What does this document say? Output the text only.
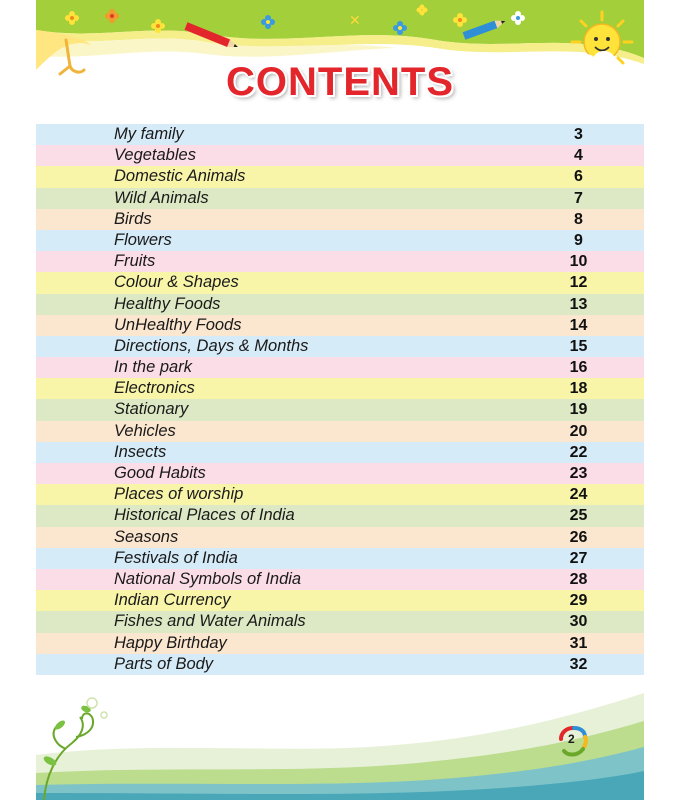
✕
CONTENTS
My family	3
Vegetables	4
Domestic Animals	6
Wild Animals	7
Birds	8
Flowers	9
Fruits	10
Colour & Shapes	12
Healthy Foods	13
UnHealthy Foods	14
Directions, Days & Months	15
In the park	16
Electronics	18
Stationary	19
Vehicles	20
Insects	22
Good Habits	23
Places of worship	24
Historical Places of India	25
Seasons	26
Festivals of India	27
National Symbols of India	28
Indian Currency	29
Fishes and Water Animals	30
Happy Birthday	31
Parts of Body	32
2
